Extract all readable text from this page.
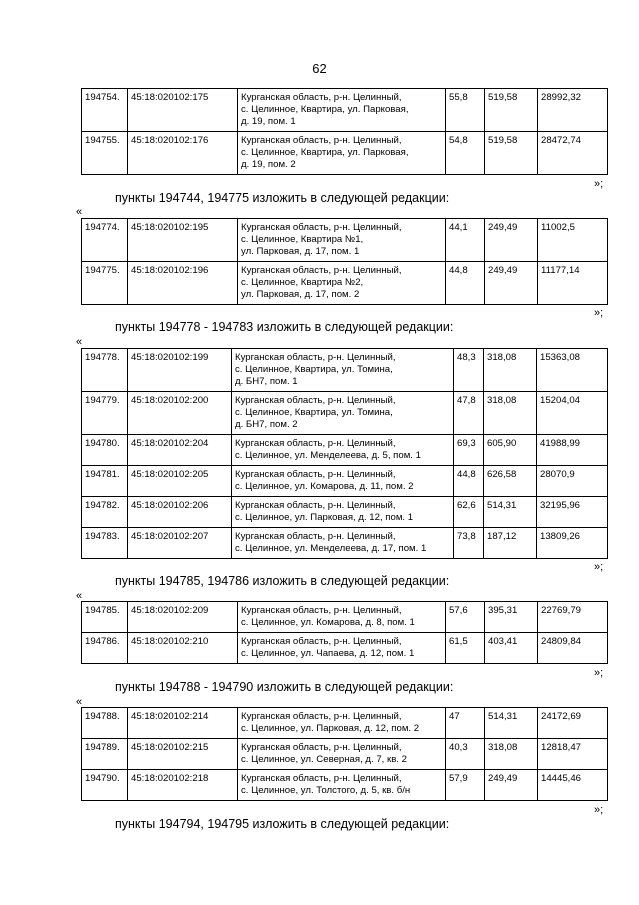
62
194754.	45:18:020102:175	Курганская область, р-н. Целинный,
с. Целинное, Квартира, ул. Парковая,
д. 19, пом. 1	55,8	519,58	28992,32
194755.	45:18:020102:176	Курганская область, р-н. Целинный,
с. Целинное, Квартира, ул. Парковая,
д. 19, пом. 2	54,8	519,58	28472,74
»;
пункты 194744, 194775 изложить в следующей редакции:
«
194774.	45:18:020102:195	Курганская область, р-н. Целинный,
с. Целинное, Квартира №1,
ул. Парковая, д. 17, пом. 1	44,1	249,49	11002,5
194775.	45:18:020102:196	Курганская область, р-н. Целинный,
с. Целинное, Квартира №2,
ул. Парковая, д. 17, пом. 2	44,8	249,49	11177,14
»;
пункты 194778 - 194783 изложить в следующей редакции:
«
194778.	45:18:020102:199	Курганская область, р-н. Целинный,
с. Целинное, Квартира, ул. Томина,
д. БН7, пом. 1	48,3	318,08	15363,08
194779.	45:18:020102:200	Курганская область, р-н. Целинный,
с. Целинное, Квартира, ул. Томина,
д. БН7, пом. 2	47,8	318,08	15204,04
194780.	45:18:020102:204	Курганская область, р-н. Целинный,
с. Целинное, ул. Менделеева, д. 5, пом. 1	69,3	605,90	41988,99
194781.	45:18:020102:205	Курганская область, р-н. Целинный,
с. Целинное, ул. Комарова, д. 11, пом. 2	44,8	626,58	28070,9
194782.	45:18:020102:206	Курганская область, р-н. Целинный,
с. Целинное, ул. Парковая, д. 12, пом. 1	62,6	514,31	32195,96
194783.	45:18:020102:207	Курганская область, р-н. Целинный,
с. Целинное, ул. Менделеева, д. 17, пом. 1	73,8	187,12	13809,26
»;
пункты 194785, 194786 изложить в следующей редакции:
«
194785.	45:18:020102:209	Курганская область, р-н. Целинный,
с. Целинное, ул. Комарова, д. 8, пом. 1	57,6	395,31	22769,79
194786.	45:18:020102:210	Курганская область, р-н. Целинный,
с. Целинное, ул. Чапаева, д. 12, пом. 1	61,5	403,41	24809,84
»;
пункты 194788 - 194790 изложить в следующей редакции:
«
194788.	45:18:020102:214	Курганская область, р-н. Целинный,
с. Целинное, ул. Парковая, д. 12, пом. 2	47	514,31	24172,69
194789.	45:18:020102:215	Курганская область, р-н. Целинный,
с. Целинное, ул. Северная, д. 7, кв. 2	40,3	318,08	12818,47
194790.	45:18:020102:218	Курганская область, р-н. Целинный,
с. Целинное, ул. Толстого, д. 5, кв. б/н	57,9	249,49	14445,46
»;
пункты 194794, 194795 изложить в следующей редакции:
